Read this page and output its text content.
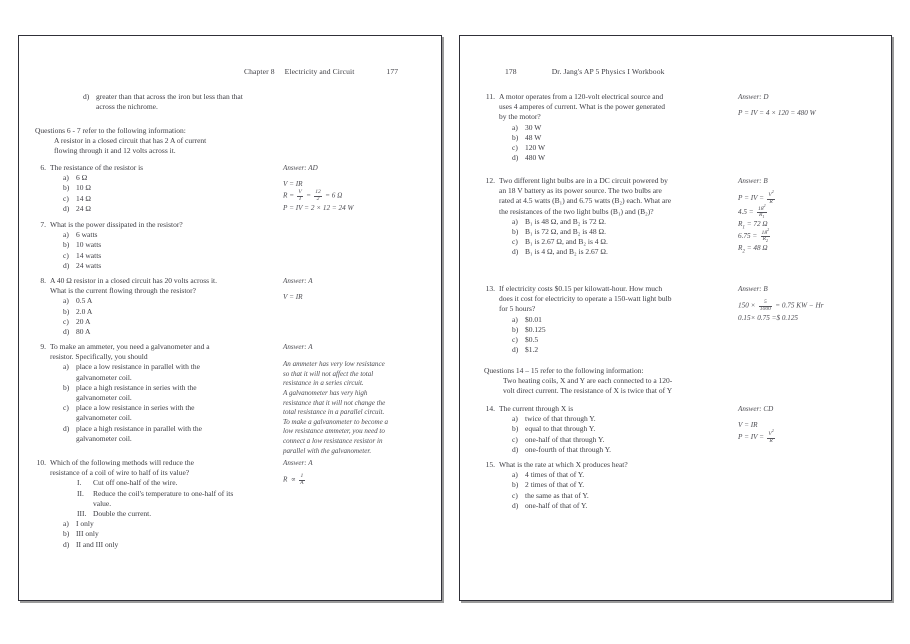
Chapter 8 Electricity and Circuit	177
d) greater than that across the iron but less than that
across the nichrome.
Questions 6 - 7 refer to the following information:
A resistor in a closed circuit that has 2 A of current
flowing through it and 12 volts across it.
6. The resistance of the resistor is
a) 6 Ω
b) 10 Ω
c) 14 Ω
d) 24 Ω
7. What is the power dissipated in the resistor?
a) 6 watts
b) 10 watts
c) 14 watts
d) 24 watts
8. A 40 Ω resistor in a closed circuit has 20 volts across it.
What is the current flowing through the resistor?
a) 0.5 A
b) 2.0 A
c) 20 A
d) 80 A
9. To make an ammeter, you need a galvanometer and a
resistor. Specifically, you should
a) place a low resistance in parallel with the
galvanometer coil.
b) place a high resistance in series with the
galvanometer coil.
c) place a low resistance in series with the
galvanometer coil.
d) place a high resistance in parallel with the
galvanometer coil.
10. Which of the following methods will reduce the
resistance of a coil of wire to half of its value?
I.	Cut off one-half of the wire.
II.	Reduce the coil's temperature to one-half of its
value.
III. Double the current.
a) I only
b) III only
d) II and III only
Answer: AD
V = IR
$R = \frac{V}{I} = \frac{12}{2} = 6$ Ω
P = IV = 2 × 12 = 24 W
Answer: A
V = IR
Answer: A
An ammeter has very low resistance
so that it will not affect the total
resistance in a series circuit.
A galvanometer has very high
resistance that it will not change the
total resistance in a parallel circuit.
To make a galvanometer to become a
low resistance ammeter, you need to
connect a low resistance resistor in
parallel with the galvanometer.
Answer: A
$R \propto \frac{1}{A}$
178	Dr. Jang's AP 5 Physics I Workbook
11. A motor operates from a 120-volt electrical source and
uses 4 amperes of current. What is the power generated
by the motor?
a) 30 W
b) 48 W
c) 120 W
d) 480 W
12. Two different light bulbs are in a DC circuit powered by
an 18 V battery as its power source. The two bulbs are
rated at 4.5 watts (B₁) and 6.75 watts (B₂) each. What are
the resistances of the two light bulbs (B₁) and (B₂)?
a) B₁ is 48 Ω, and B₂ is 72 Ω.
b) B₁ is 72 Ω, and B₂ is 48 Ω.
c) B₁ is 2.67 Ω, and B₂ is 4 Ω.
d) B₁ is 4 Ω, and B₂ is 2.67 Ω.
13. If electricity costs $0.15 per kilowatt-hour. How much
does it cost for electricity to operate a 150-watt light bulb
for 5 hours?
a) $0.01
b) $0.125
c) $0.5
d) $1.2
Questions 14 – 15 refer to the following information:
Two heating coils, X and Y are each connected to a 120-
volt direct current. The resistance of X is twice that of Y
14. The current through X is
a) twice of that through Y.
b) equal to that through Y.
c) one-half of that through Y.
d) one-fourth of that through Y.
15. What is the rate at which X produces heat?
a) 4 times of that of Y.
b) 2 times of that of Y.
c) the same as that of Y.
d) one-half of that of Y.
Answer: D
P = IV = 4 × 120 = 480 W
Answer: B
P = IV = $\frac{V^2}{R}$
$4.5 = \frac{18^2}{R_1}$
$R_1 = 72$ Ω
$6.75 = \frac{18^2}{R_2}$
$R_2 = 48$ Ω
Answer: B
$150 \times \frac{5}{1000} = 0.75$ KW − Hr
0.15× 0.75 =$ 0.125
Answer: CD
V = IR
P = IV = $\frac{V^2}{R}$
